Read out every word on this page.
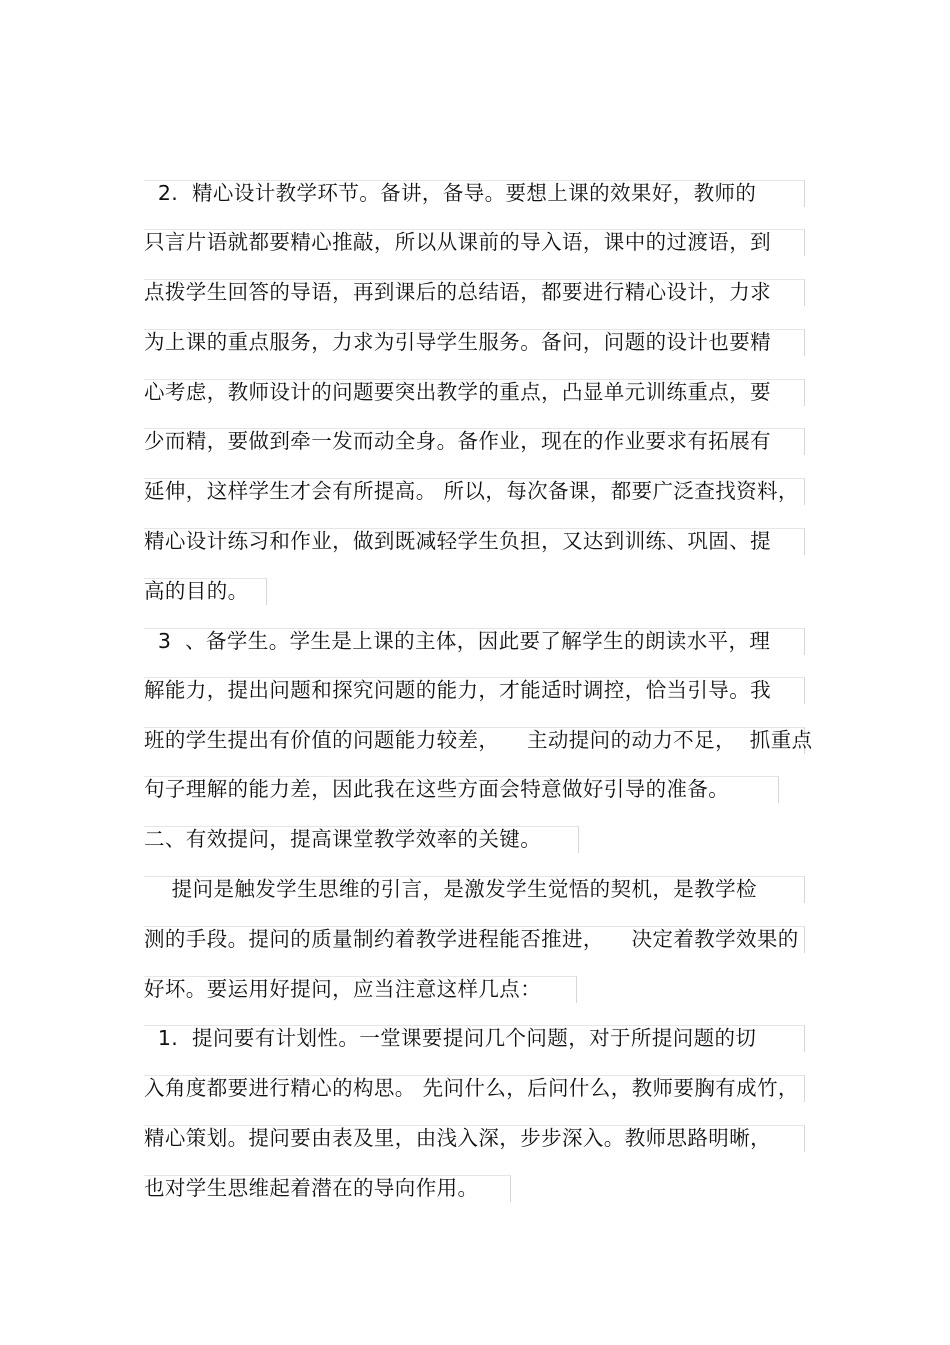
2.  精心设计教学环节。备讲，备导。要想上课的效果好，教师的
只言片语就都要精心推敲，所以从课前的导入语，课中的过渡语，到
点拨学生回答的导语，再到课后的总结语，都要进行精心设计，力求
为上课的重点服务，力求为引导学生服务。备问，问题的设计也要精
心考虑，教师设计的问题要突出教学的重点，凸显单元训练重点，要
少而精，要做到牵一发而动全身。备作业，现在的作业要求有拓展有
延伸，这样学生才会有所提高。 所以，每次备课，都要广泛查找资料，
精心设计练习和作业，做到既减轻学生负担，又达到训练、巩固、提
高的目的。
3  、备学生。学生是上课的主体，因此要了解学生的朗读水平，理
解能力，提出问题和探究问题的能力，才能适时调控，恰当引导。我
班的学生提出有价值的问题能力较差，    主动提问的动力不足，  抓重点
句子理解的能力差，因此我在这些方面会特意做好引导的准备。
二、有效提问，提高课堂教学效率的关键。
提问是触发学生思维的引言，是激发学生觉悟的契机，是教学检
测的手段。提问的质量制约着教学进程能否推进，    决定着教学效果的
好坏。要运用好提问，应当注意这样几点：
1.  提问要有计划性。一堂课要提问几个问题，对于所提问题的切
入角度都要进行精心的构思。 先问什么，后问什么，教师要胸有成竹，
精心策划。提问要由表及里，由浅入深，步步深入。教师思路明晰，
也对学生思维起着潜在的导向作用。
